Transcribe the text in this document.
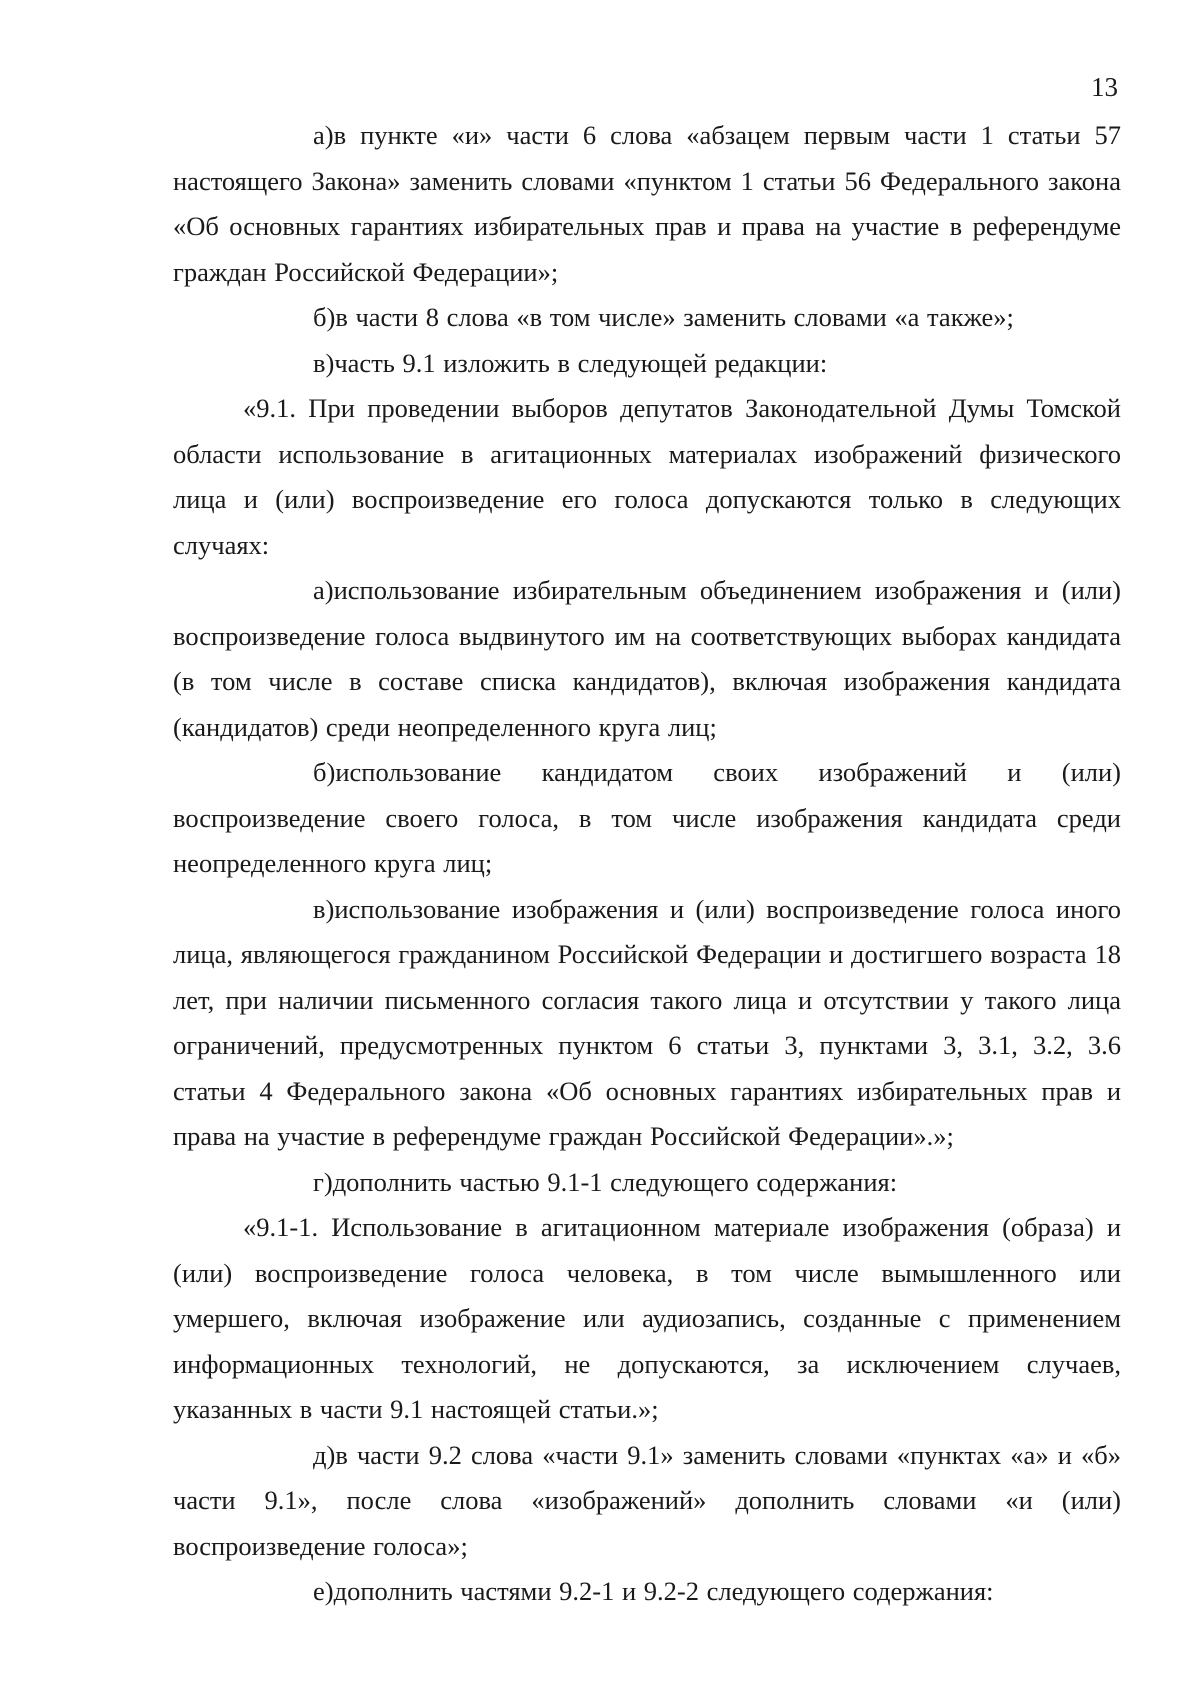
13

а)в пункте «и» части 6 слова «абзацем первым части 1 статьи 57 настоящего Закона» заменить словами «пунктом 1 статьи 56 Федерального закона «Об основных гарантиях избирательных прав и права на участие в референдуме граждан Российской Федерации»;

б)в части 8 слова «в том числе» заменить словами «а также»;

в)часть 9.1 изложить в следующей редакции:

«9.1. При проведении выборов депутатов Законодательной Думы Томской области использование в агитационных материалах изображений физического лица и (или) воспроизведение его голоса допускаются только в следующих случаях:

а)использование избирательным объединением изображения и (или) воспроизведение голоса выдвинутого им на соответствующих выборах кандидата (в том числе в составе списка кандидатов), включая изображения кандидата (кандидатов) среди неопределенного круга лиц;

б)использование кандидатом своих изображений и (или) воспроизведение своего голоса, в том числе изображения кандидата среди неопределенного круга лиц;

в)использование изображения и (или) воспроизведение голоса иного лица, являющегося гражданином Российской Федерации и достигшего возраста 18 лет, при наличии письменного согласия такого лица и отсутствии у такого лица ограничений, предусмотренных пунктом 6 статьи 3, пунктами 3, 3.1, 3.2, 3.6 статьи 4 Федерального закона «Об основных гарантиях избирательных прав и права на участие в референдуме граждан Российской Федерации».»;

г)дополнить частью 9.1-1 следующего содержания:

«9.1-1. Использование в агитационном материале изображения (образа) и (или) воспроизведение голоса человека, в том числе вымышленного или умершего, включая изображение или аудиозапись, созданные с применением информационных технологий, не допускаются, за исключением случаев, указанных в части 9.1 настоящей статьи.»;

д)в части 9.2 слова «части 9.1» заменить словами «пунктах «а» и «б» части 9.1», после слова «изображений» дополнить словами «и (или) воспроизведение голоса»;

е)дополнить частями 9.2-1 и 9.2-2 следующего содержания:
